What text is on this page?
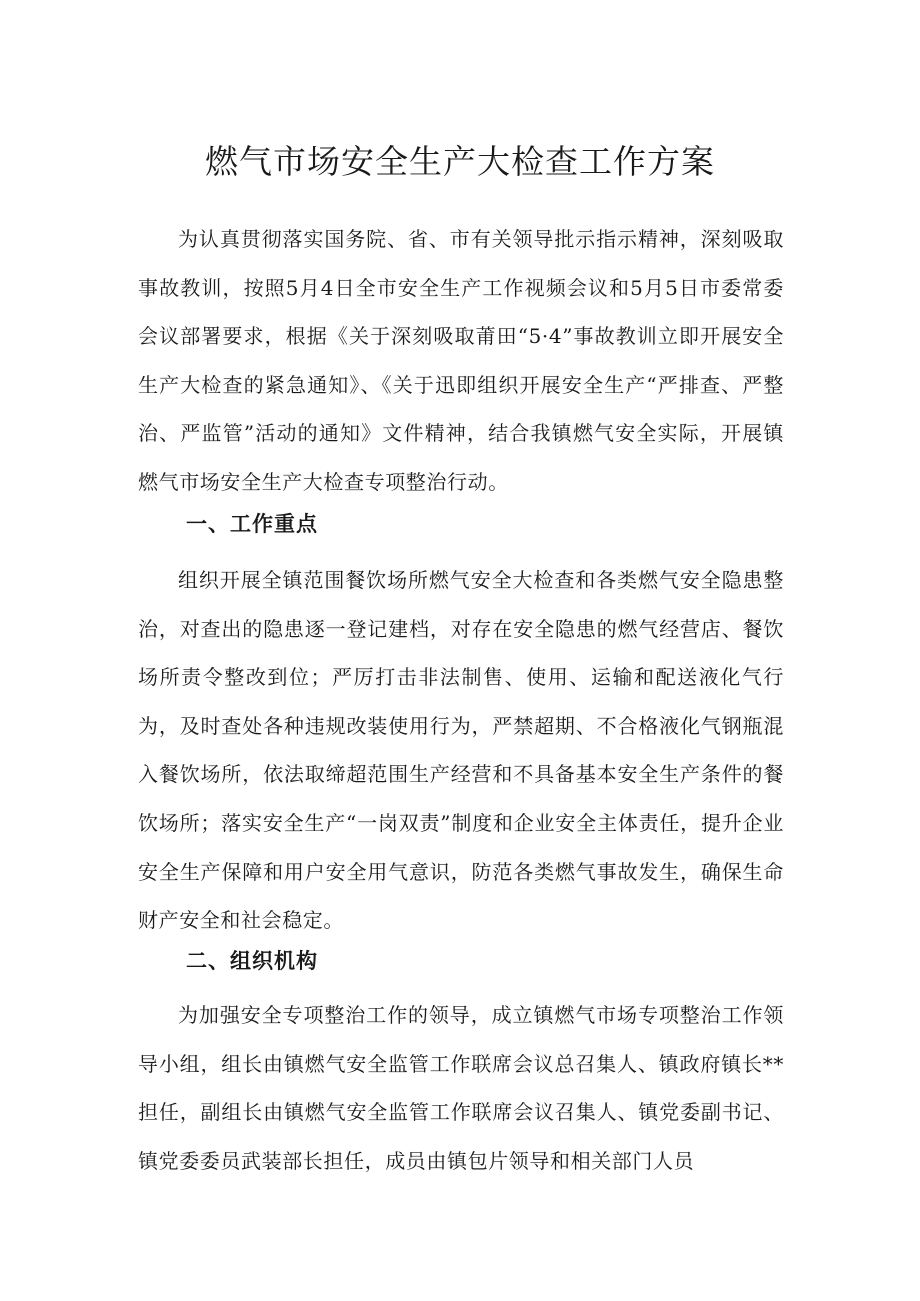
燃气市场安全生产大检查工作方案

为认真贯彻落实国务院、省、市有关领导批示指示精神，深刻吸取事故教训，按照5月4日全市安全生产工作视频会议和5月5日市委常委会议部署要求，根据《关于深刻吸取莆田“5·4”事故教训立即开展安全生产大检查的紧急通知》、《关于迅即组织开展安全生产“严排查、严整治、严监管”活动的通知》文件精神，结合我镇燃气安全实际，开展镇燃气市场安全生产大检查专项整治行动。

一、工作重点

组织开展全镇范围餐饮场所燃气安全大检查和各类燃气安全隐患整治，对查出的隐患逐一登记建档，对存在安全隐患的燃气经营店、餐饮场所责令整改到位；严厉打击非法制售、使用、运输和配送液化气行为，及时查处各种违规改装使用行为，严禁超期、不合格液化气钢瓶混入餐饮场所，依法取缔超范围生产经营和不具备基本安全生产条件的餐饮场所；落实安全生产“一岗双责”制度和企业安全主体责任，提升企业安全生产保障和用户安全用气意识，防范各类燃气事故发生，确保生命财产安全和社会稳定。

二、组织机构

为加强安全专项整治工作的领导，成立镇燃气市场专项整治工作领导小组，组长由镇燃气安全监管工作联席会议总召集人、镇政府镇长**担任，副组长由镇燃气安全监管工作联席会议召集人、镇党委副书记、镇党委委员武装部长担任，成员由镇包片领导和相关部门人员
